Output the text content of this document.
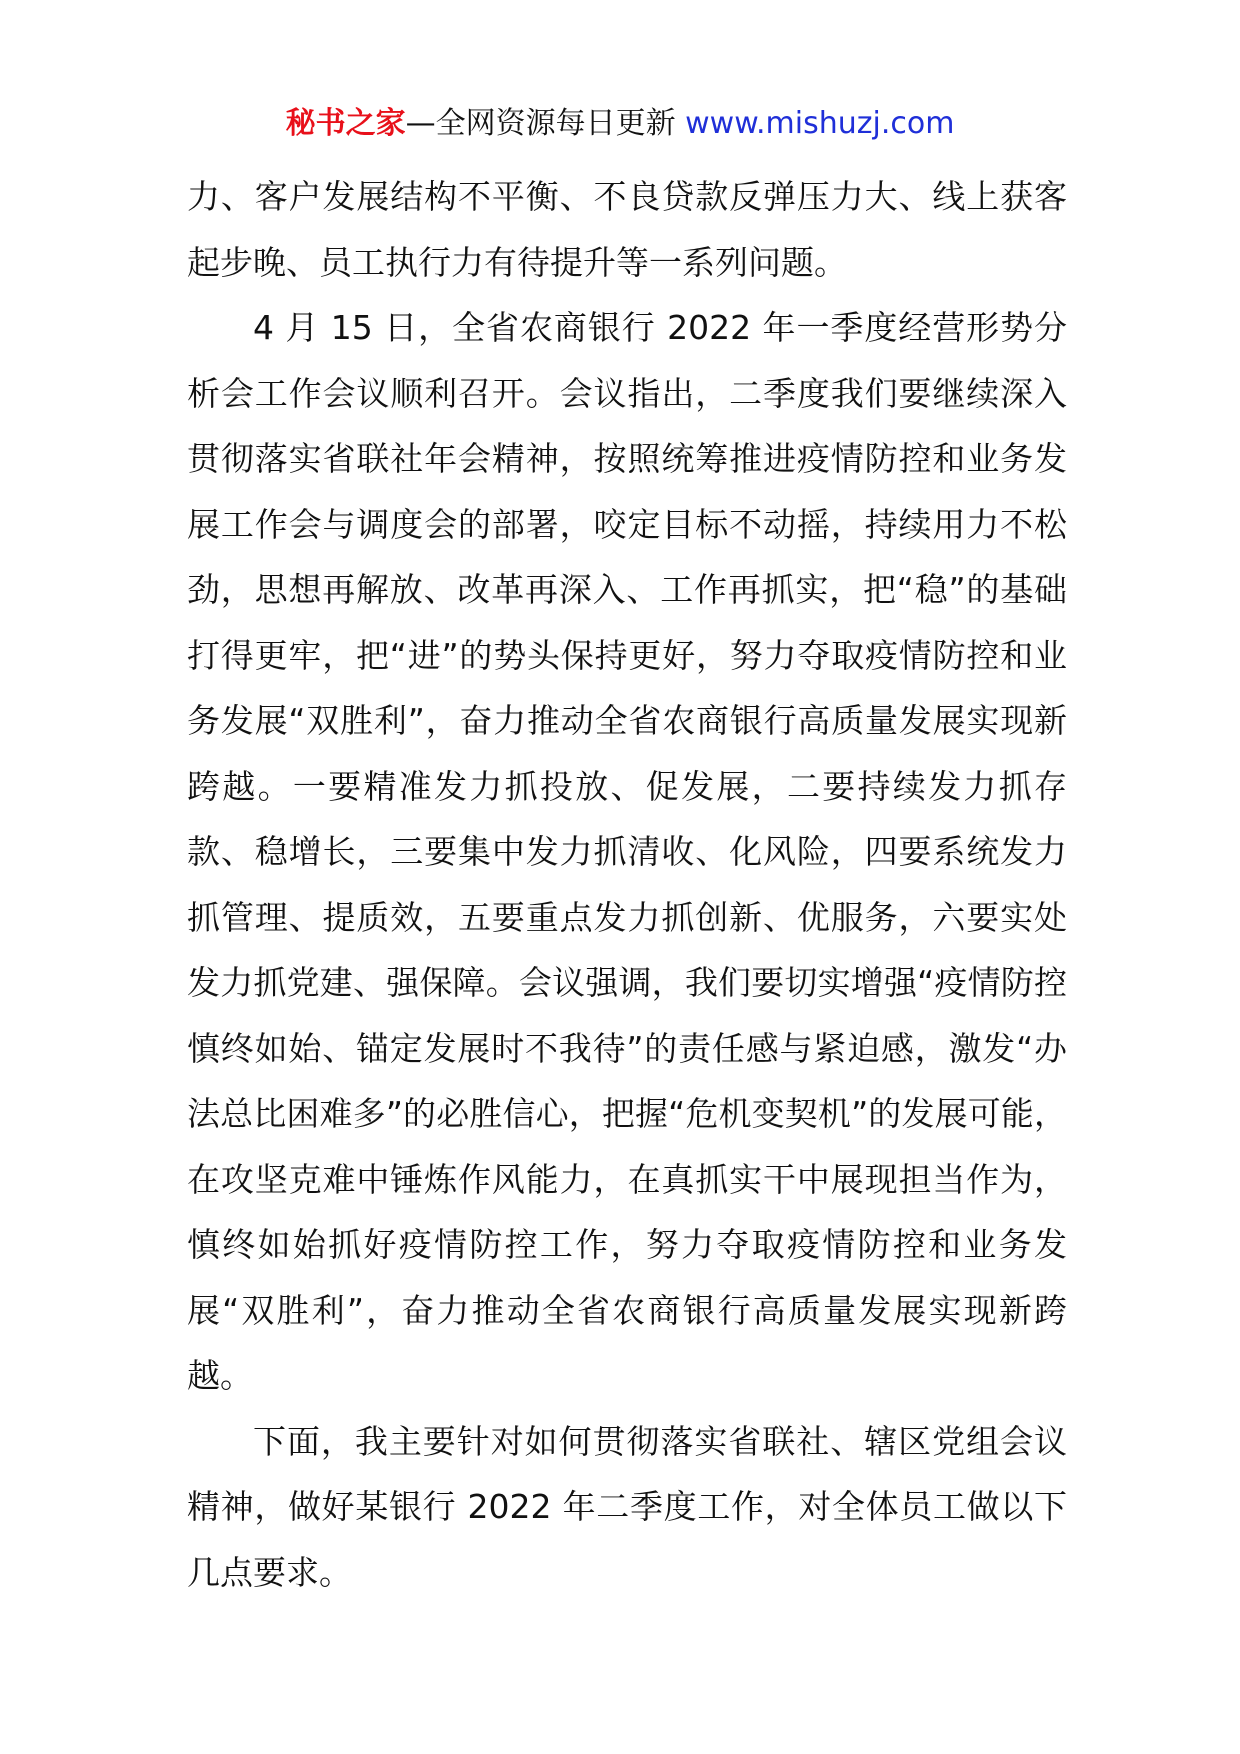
秘书之家—全网资源每日更新 www.mishuzj.com

力、客户发展结构不平衡、不良贷款反弹压力大、线上获客起步晚、员工执行力有待提升等一系列问题。

4 月 15 日，全省农商银行 2022 年一季度经营形势分析会工作会议顺利召开。会议指出，二季度我们要继续深入贯彻落实省联社年会精神，按照统筹推进疫情防控和业务发展工作会与调度会的部署，咬定目标不动摇，持续用力不松劲，思想再解放、改革再深入、工作再抓实，把“稳”的基础打得更牢，把“进”的势头保持更好，努力夺取疫情防控和业务发展“双胜利”，奋力推动全省农商银行高质量发展实现新跨越。一要精准发力抓投放、促发展，二要持续发力抓存款、稳增长，三要集中发力抓清收、化风险，四要系统发力抓管理、提质效，五要重点发力抓创新、优服务，六要实处发力抓党建、强保障。会议强调，我们要切实增强“疫情防控慎终如始、锚定发展时不我待”的责任感与紧迫感，激发“办法总比困难多”的必胜信心，把握“危机变契机”的发展可能，在攻坚克难中锤炼作风能力，在真抓实干中展现担当作为，慎终如始抓好疫情防控工作，努力夺取疫情防控和业务发展“双胜利”，奋力推动全省农商银行高质量发展实现新跨越。

下面，我主要针对如何贯彻落实省联社、辖区党组会议精神，做好某银行 2022 年二季度工作，对全体员工做以下几点要求。
